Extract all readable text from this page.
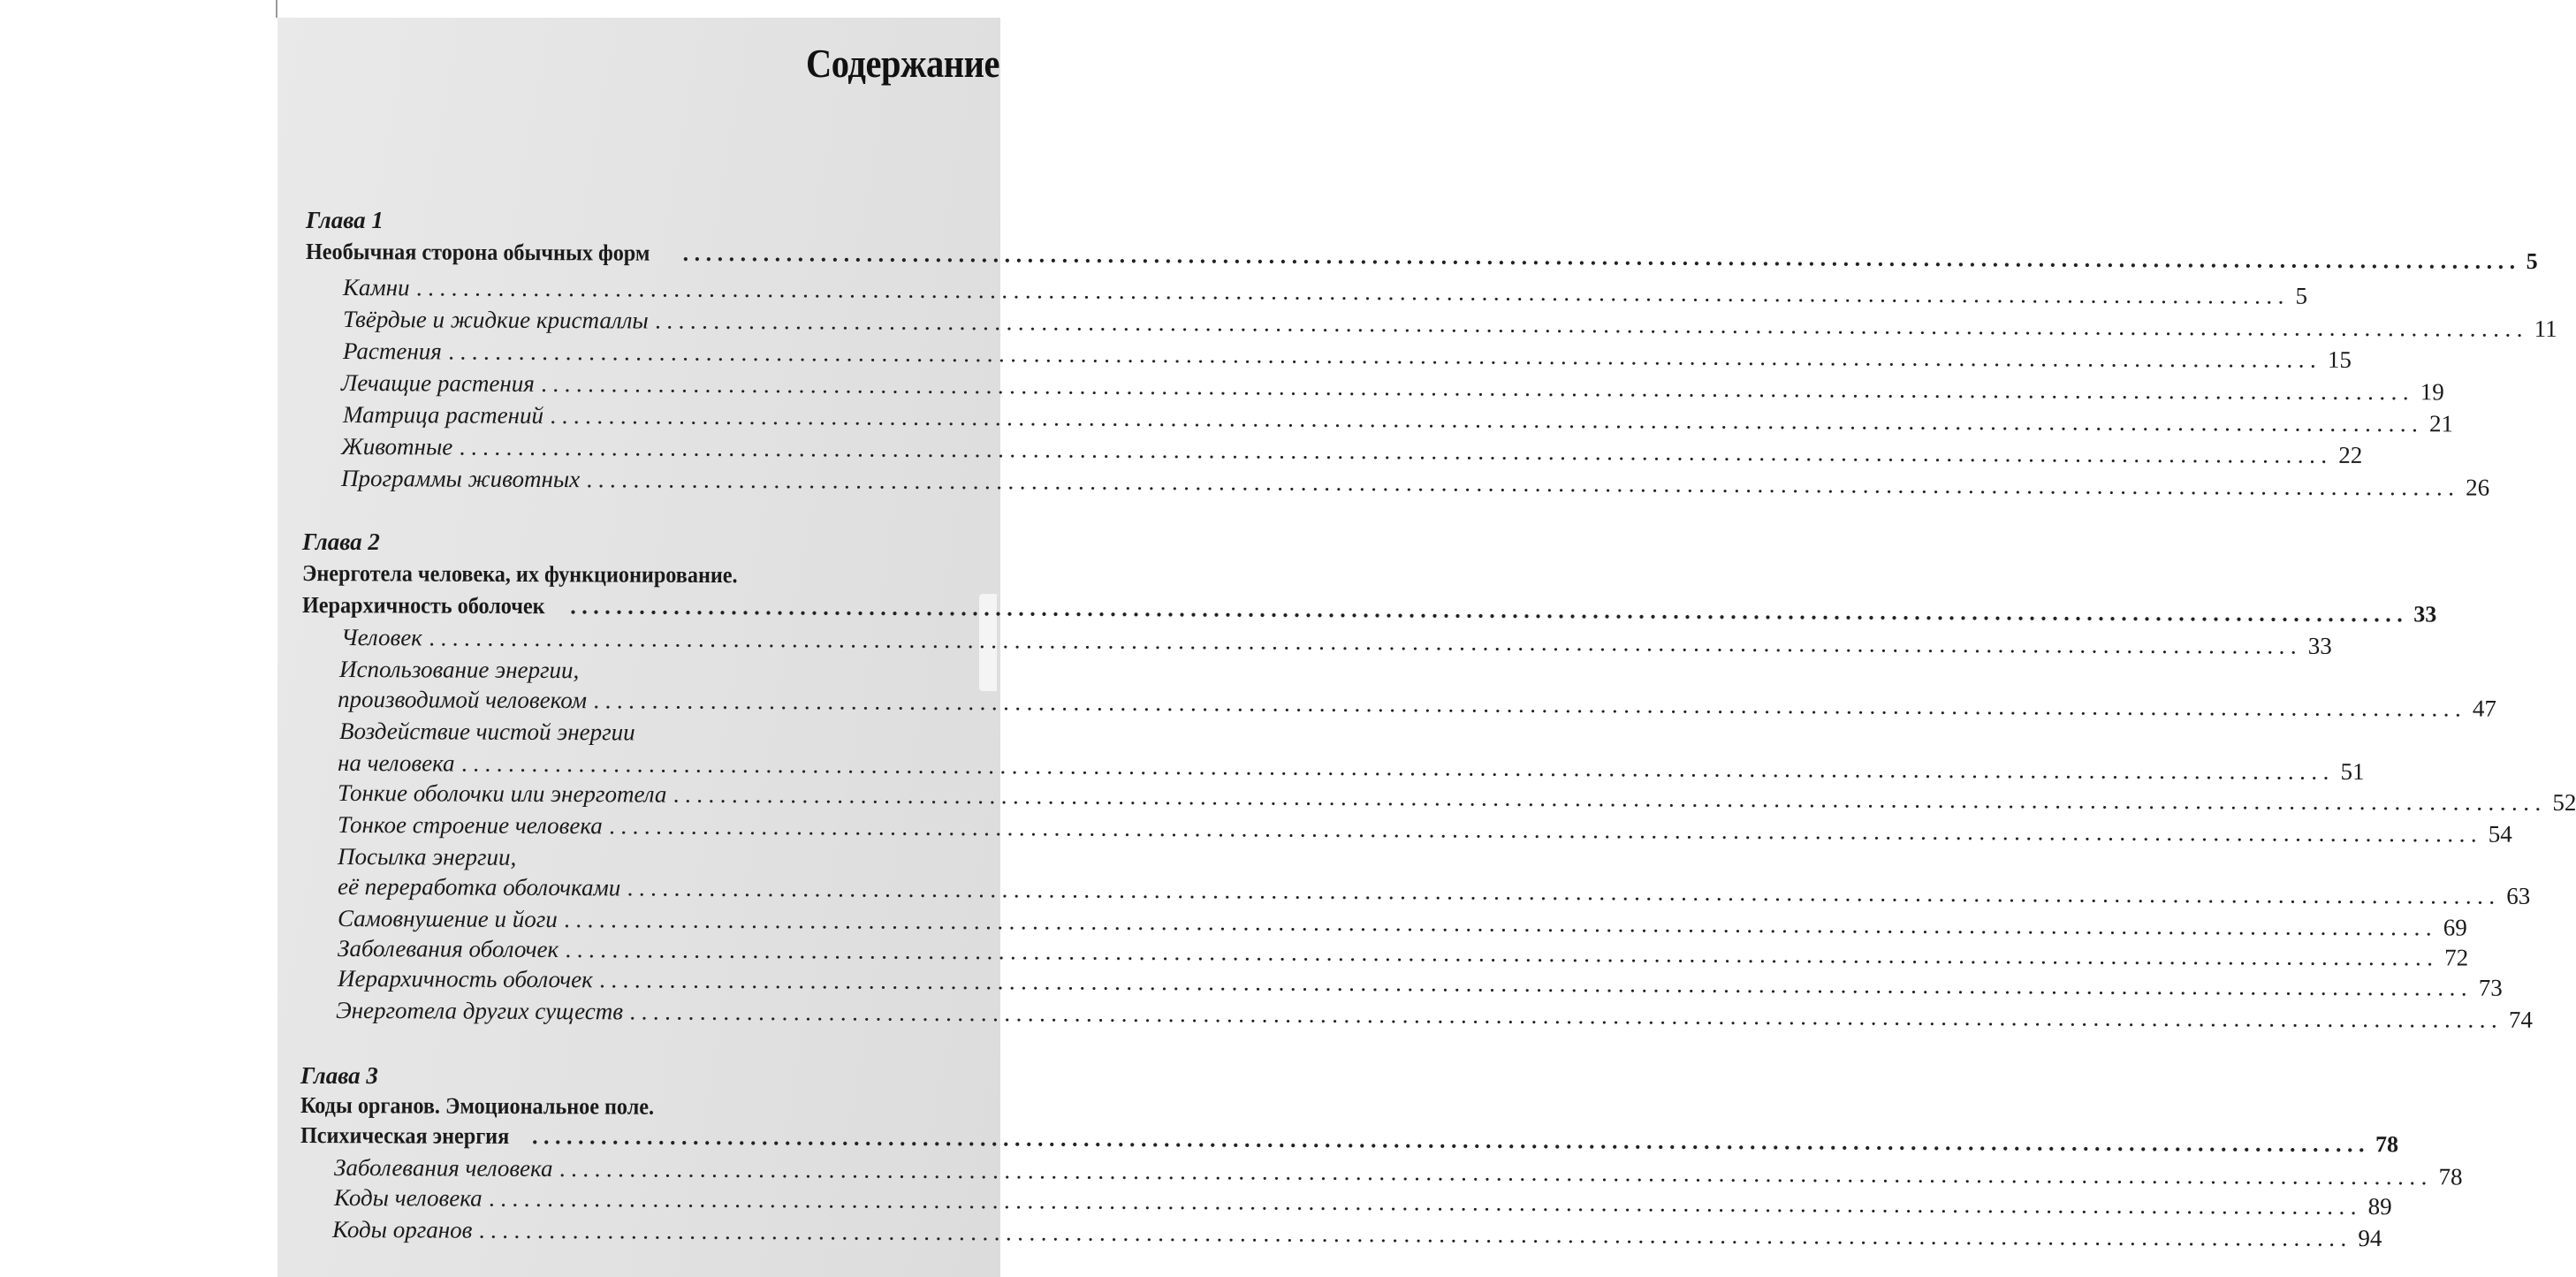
Содержание
Глава 1
Необычная сторона обычных форм ................................................................................................................................................................ 5
Камни ................................................................................................................................................................ 5
Твёрдые и жидкие кристаллы ................................................................................................................................................................ 11
Растения ................................................................................................................................................................ 15
Лечащие растения ................................................................................................................................................................ 19
Матрица растений ................................................................................................................................................................ 21
Животные ................................................................................................................................................................ 22
Программы животных ................................................................................................................................................................ 26
Глава 2
Энерготела человека, их функционирование.
Иерархичность оболочек ................................................................................................................................................................ 33
Человек ................................................................................................................................................................ 33
Использование энергии,
производимой человеком ................................................................................................................................................................ 47
Воздействие чистой энергии
на человека ................................................................................................................................................................ 51
Тонкие оболочки или энерготела ................................................................................................................................................................ 52
Тонкое строение человека ................................................................................................................................................................ 54
Посылка энергии,
её переработка оболочками ................................................................................................................................................................ 63
Самовнушение и йоги ................................................................................................................................................................ 69
Заболевания оболочек ................................................................................................................................................................ 72
Иерархичность оболочек ................................................................................................................................................................ 73
Энерготела других существ ................................................................................................................................................................ 74
Глава 3
Коды органов. Эмоциональное поле.
Психическая энергия ................................................................................................................................................................ 78
Заболевания человека ................................................................................................................................................................ 78
Коды человека ................................................................................................................................................................ 89
Коды органов ................................................................................................................................................................ 94
